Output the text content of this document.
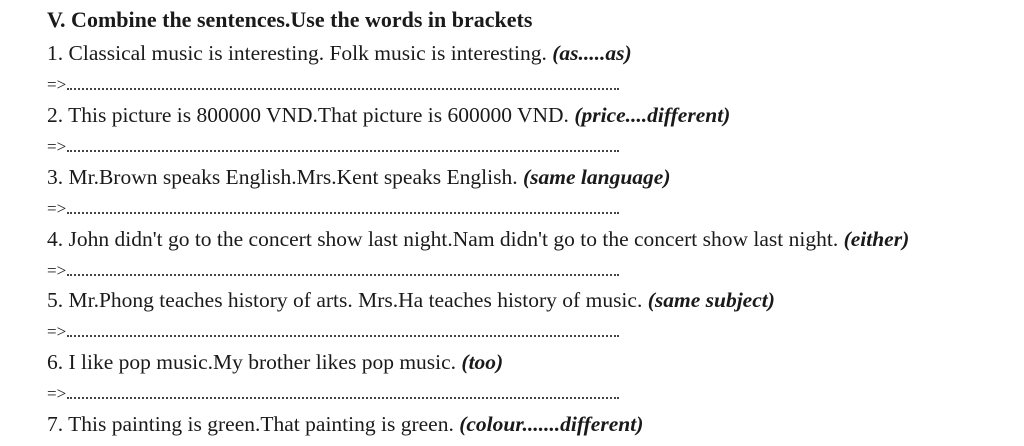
V. Combine the sentences.Use the words in brackets
1. Classical music is interesting. Folk music is interesting. (as.....as)
=>
2. This picture is 800000 VND.That picture is 600000 VND. (price....different)
=>
3. Mr.Brown speaks English.Mrs.Kent speaks English. (same language)
=>
4. John didn't go to the concert show last night.Nam didn't go to the concert show last night. (either)
=>
5. Mr.Phong teaches history of arts. Mrs.Ha teaches history of music. (same subject)
=>
6. I like pop music.My brother likes pop music. (too)
=>
7. This painting is green.That painting is green. (colour.......different)
